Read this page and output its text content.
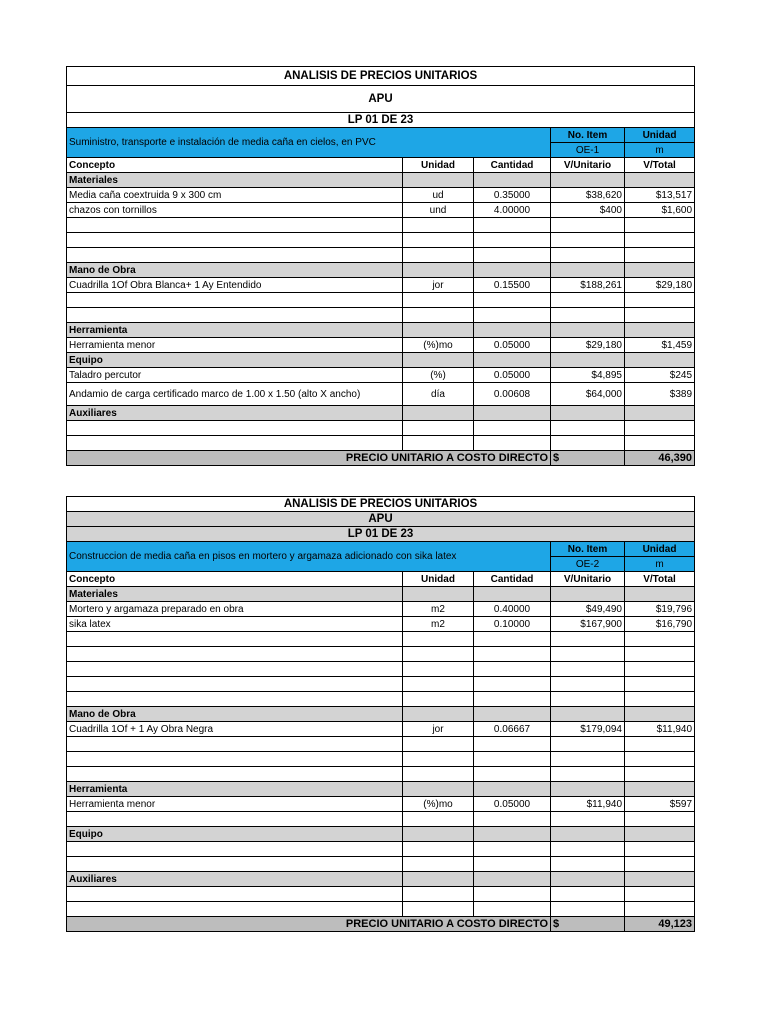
ANALISIS DE PRECIOS UNITARIOS				
APU				
LP 01 DE 23				
Suministro, transporte e instalación de media caña en cielos, en PVC			No. Item	Unidad
			OE-1	m
Concepto	Unidad	Cantidad	V/Unitario	V/Total
Materiales				
Media caña coextruida 9 x 300 cm	ud	0.35000	$38,620	$13,517
chazos con tornillos	und	4.00000	$400	$1,600

Mano de Obra				
Cuadrilla 1Of Obra Blanca+ 1 Ay Entendido	jor	0.15500	$188,261	$29,180

Herramienta				
Herramienta menor	(%)mo	0.05000	$29,180	$1,459
Equipo				
Taladro percutor	(%)	0.05000	$4,895	$245
Andamio de carga certificado marco de 1.00 x 1.50 (alto X ancho)	día	0.00608	$64,000	$389
Auxiliares				

PRECIO UNITARIO A COSTO DIRECTO			$	46,390
ANALISIS DE PRECIOS UNITARIOS				
APU				
LP 01 DE 23				
Construccion de media caña en pisos en mortero y argamaza adicionado con sika latex			No. Item	Unidad
			OE-2	m
Concepto	Unidad	Cantidad	V/Unitario	V/Total
Materiales				
Mortero y argamaza preparado en obra	m2	0.40000	$49,490	$19,796
sika latex	m2	0.10000	$167,900	$16,790

Mano de Obra				
Cuadrilla 1Of + 1 Ay Obra Negra	jor	0.06667	$179,094	$11,940

Herramienta				
Herramienta menor	(%)mo	0.05000	$11,940	$597

Equipo				

Auxiliares				

PRECIO UNITARIO A COSTO DIRECTO			$	49,123
